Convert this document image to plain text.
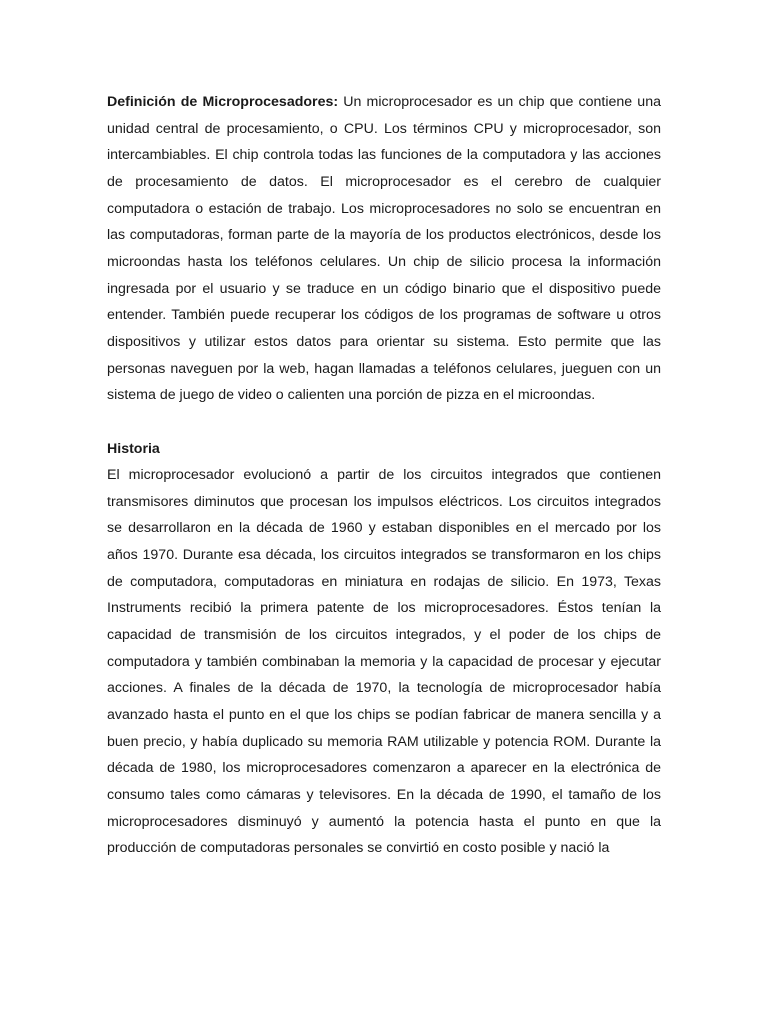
Definición de Microprocesadores: Un microprocesador es un chip que contiene una unidad central de procesamiento, o CPU. Los términos CPU y microprocesador, son intercambiables. El chip controla todas las funciones de la computadora y las acciones de procesamiento de datos. El microprocesador es el cerebro de cualquier computadora o estación de trabajo. Los microprocesadores no solo se encuentran en las computadoras, forman parte de la mayoría de los productos electrónicos, desde los microondas hasta los teléfonos celulares. Un chip de silicio procesa la información ingresada por el usuario y se traduce en un código binario que el dispositivo puede entender. También puede recuperar los códigos de los programas de software u otros dispositivos y utilizar estos datos para orientar su sistema. Esto permite que las personas naveguen por la web, hagan llamadas a teléfonos celulares, jueguen con un sistema de juego de video o calienten una porción de pizza en el microondas.

Historia

El microprocesador evolucionó a partir de los circuitos integrados que contienen transmisores diminutos que procesan los impulsos eléctricos. Los circuitos integrados se desarrollaron en la década de 1960 y estaban disponibles en el mercado por los años 1970. Durante esa década, los circuitos integrados se transformaron en los chips de computadora, computadoras en miniatura en rodajas de silicio. En 1973, Texas Instruments recibió la primera patente de los microprocesadores. Éstos tenían la capacidad de transmisión de los circuitos integrados, y el poder de los chips de computadora y también combinaban la memoria y la capacidad de procesar y ejecutar acciones. A finales de la década de 1970, la tecnología de microprocesador había avanzado hasta el punto en el que los chips se podían fabricar de manera sencilla y a buen precio, y había duplicado su memoria RAM utilizable y potencia ROM. Durante la década de 1980, los microprocesadores comenzaron a aparecer en la electrónica de consumo tales como cámaras y televisores. En la década de 1990, el tamaño de los microprocesadores disminuyó y aumentó la potencia hasta el punto en que la producción de computadoras personales se convirtió en costo posible y nació la
